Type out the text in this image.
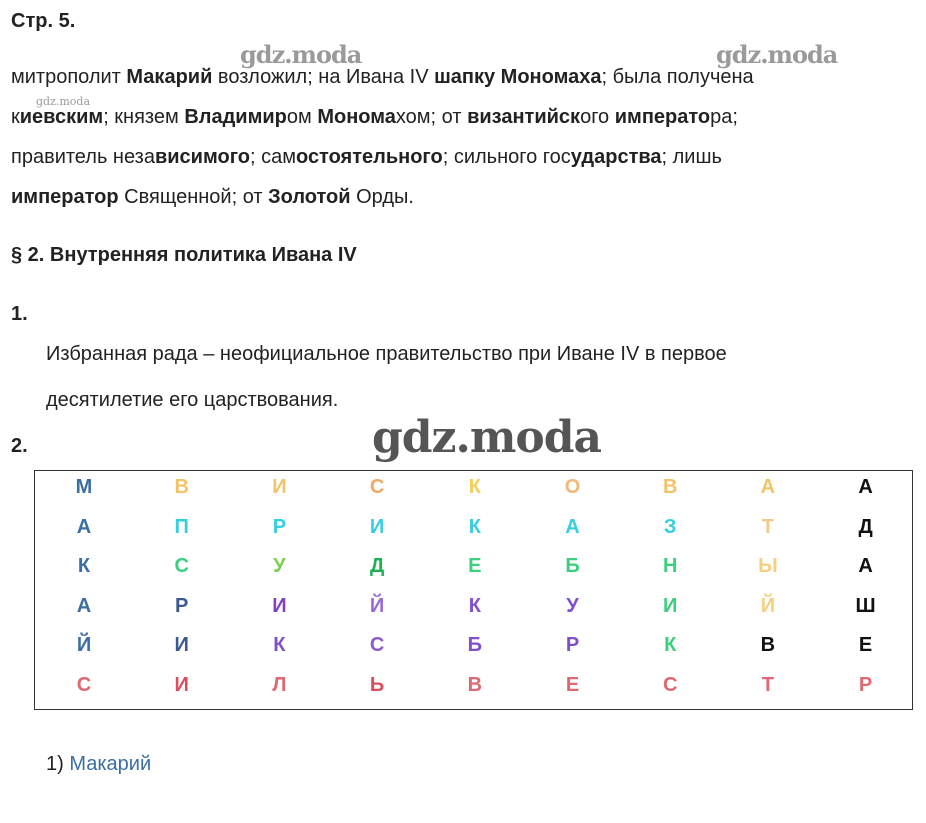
Стр. 5.
gdz.moda	gdz.moda
gdz.moda
gdz.moda
митрополит Макарий возложил; на Ивана IV шапку Мономаха; была получена
киевским; князем Владимиром Мономахом; от византийского императора;
правитель независимого; самостоятельного; сильного государства; лишь
император Священной; от Золотой Орды.
§ 2. Внутренняя политика Ивана IV
1.
Избранная рада – неофициальное правительство при Иване IV в первое
десятилетие его царствования.
2.
М	В	И	С	К	О	В	А	А
А	П	Р	И	К	А	З	Т	Д
К	С	У	Д	Е	Б	Н	Ы	А
А	Р	И	Й	К	У	И	Й	Ш
Й	И	К	С	Б	Р	К	В	Е
С	И	Л	Ь	В	Е	С	Т	Р
1) Макарий
